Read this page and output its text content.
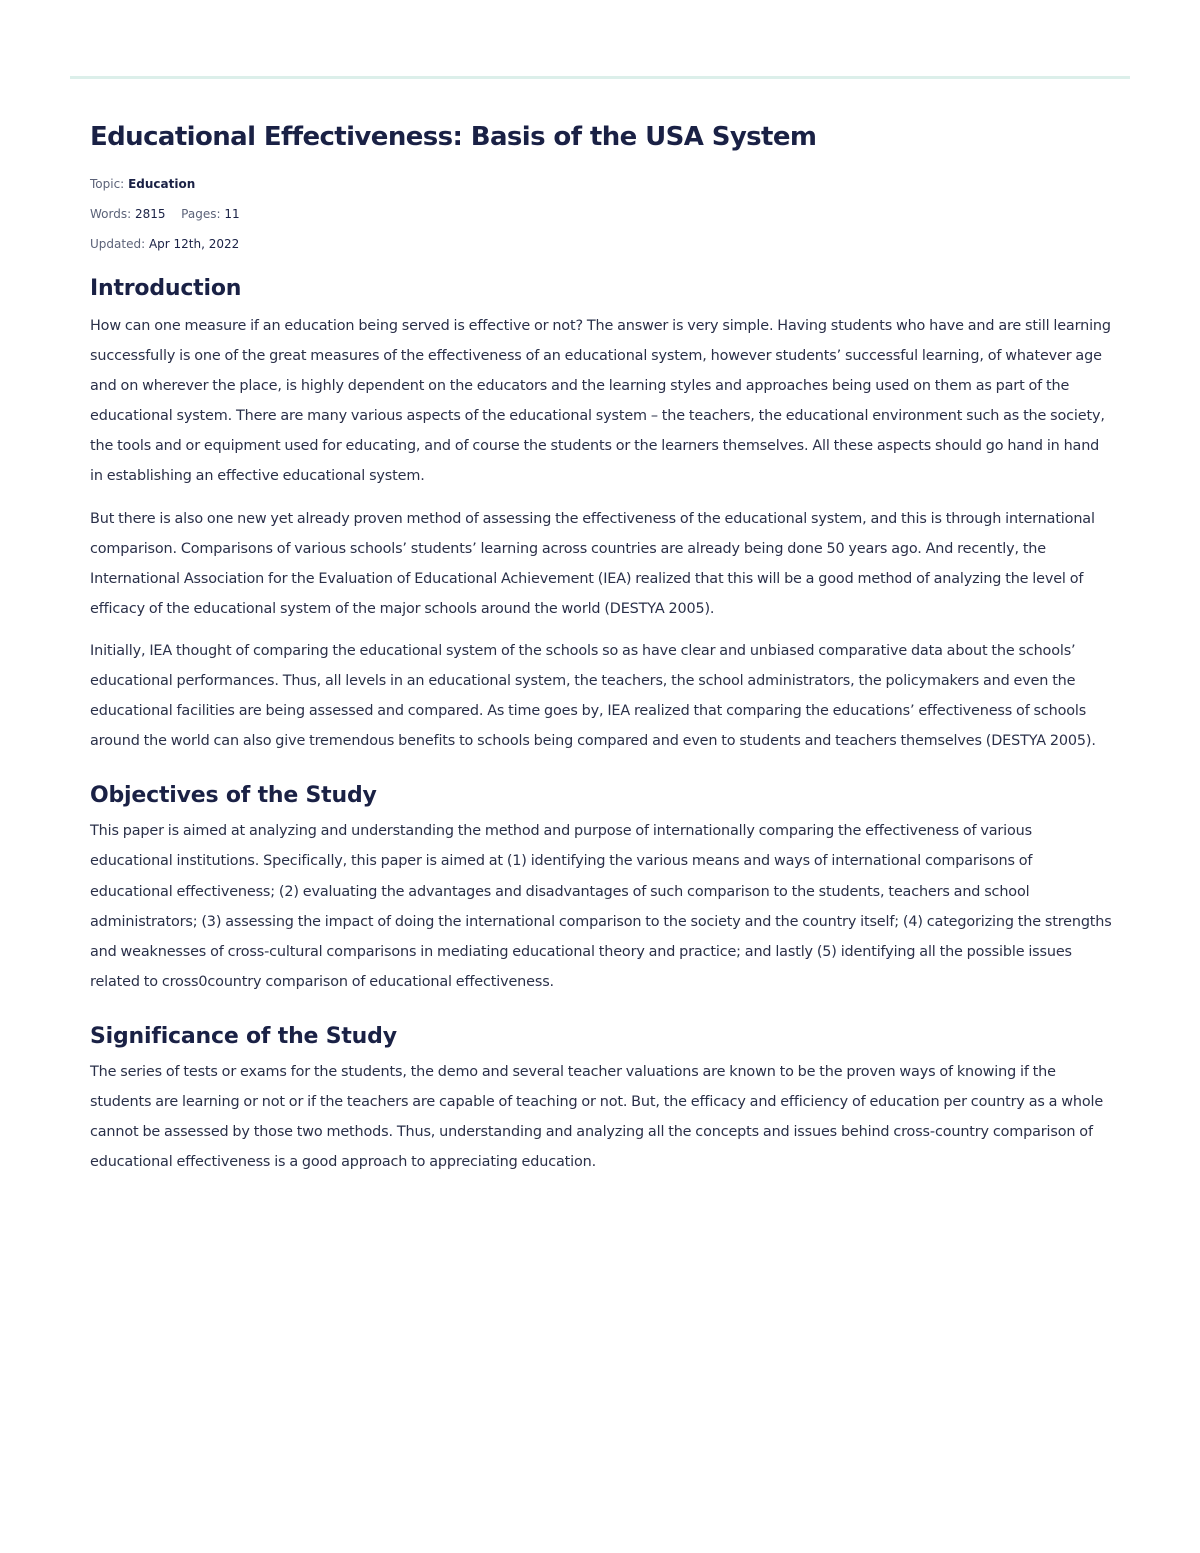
Educational Effectiveness: Basis of the USA System
Topic: Education
Words: 2815 Pages: 11
Updated: Apr 12th, 2022
Introduction

How can one measure if an education being served is effective or not? The answer is very simple. Having students who have and are still learning successfully is one of the great measures of the effectiveness of an educational system, however students’ successful learning, of whatever age and on wherever the place, is highly dependent on the educators and the learning styles and approaches being used on them as part of the educational system. There are many various aspects of the educational system – the teachers, the educational environment such as the society, the tools and or equipment used for educating, and of course the students or the learners themselves. All these aspects should go hand in hand in establishing an effective educational system.

But there is also one new yet already proven method of assessing the effectiveness of the educational system, and this is through international comparison. Comparisons of various schools’ students’ learning across countries are already being done 50 years ago. And recently, the International Association for the Evaluation of Educational Achievement (IEA) realized that this will be a good method of analyzing the level of efficacy of the educational system of the major schools around the world (DESTYA 2005).

Initially, IEA thought of comparing the educational system of the schools so as have clear and unbiased comparative data about the schools’ educational performances. Thus, all levels in an educational system, the teachers, the school administrators, the policymakers and even the educational facilities are being assessed and compared. As time goes by, IEA realized that comparing the educations’ effectiveness of schools around the world can also give tremendous benefits to schools being compared and even to students and teachers themselves (DESTYA 2005).

Objectives of the Study

This paper is aimed at analyzing and understanding the method and purpose of internationally comparing the effectiveness of various educational institutions. Specifically, this paper is aimed at (1) identifying the various means and ways of international comparisons of educational effectiveness; (2) evaluating the advantages and disadvantages of such comparison to the students, teachers and school administrators; (3) assessing the impact of doing the international comparison to the society and the country itself; (4) categorizing the strengths and weaknesses of cross-cultural comparisons in mediating educational theory and practice; and lastly (5) identifying all the possible issues related to cross0country comparison of educational effectiveness.

Significance of the Study

The series of tests or exams for the students, the demo and several teacher valuations are known to be the proven ways of knowing if the students are learning or not or if the teachers are capable of teaching or not. But, the efficacy and efficiency of education per country as a whole cannot be assessed by those two methods. Thus, understanding and analyzing all the concepts and issues behind cross-country comparison of educational effectiveness is a good approach to appreciating education.
